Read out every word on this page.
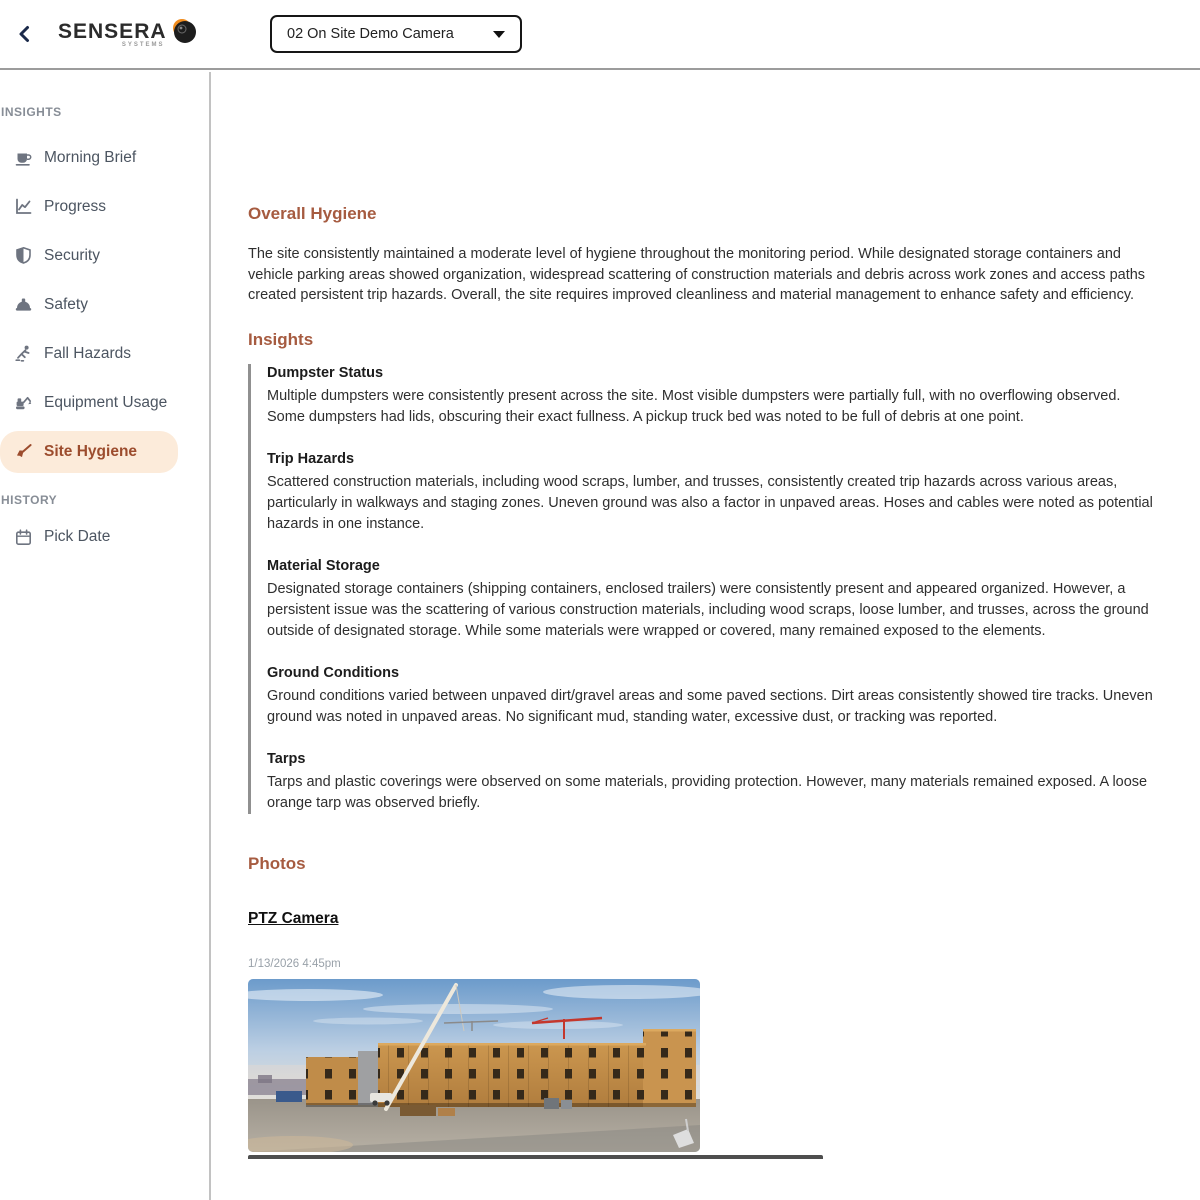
SENSERA
SYSTEMS
02 On Site Demo Camera
INSIGHTS
Morning Brief
Progress
Security
Safety
Fall Hazards
Equipment Usage
Site Hygiene
HISTORY
Pick Date
Overall Hygiene

The site consistently maintained a moderate level of hygiene throughout the monitoring period. While designated storage containers and vehicle parking areas showed organization, widespread scattering of construction materials and debris across work zones and access paths created persistent trip hazards. Overall, the site requires improved cleanliness and material management to enhance safety and efficiency.

Insights
Dumpster Status

Multiple dumpsters were consistently present across the site. Most visible dumpsters were partially full, with no overflowing observed. Some dumpsters had lids, obscuring their exact fullness. A pickup truck bed was noted to be full of debris at one point.

Trip Hazards

Scattered construction materials, including wood scraps, lumber, and trusses, consistently created trip hazards across various areas, particularly in walkways and staging zones. Uneven ground was also a factor in unpaved areas. Hoses and cables were noted as potential hazards in one instance.

Material Storage

Designated storage containers (shipping containers, enclosed trailers) were consistently present and appeared organized. However, a persistent issue was the scattering of various construction materials, including wood scraps, loose lumber, and trusses, across the ground outside of designated storage. While some materials were wrapped or covered, many remained exposed to the elements.

Ground Conditions

Ground conditions varied between unpaved dirt/gravel areas and some paved sections. Dirt areas consistently showed tire tracks. Uneven ground was noted in unpaved areas. No significant mud, standing water, excessive dust, or tracking was reported.

Tarps

Tarps and plastic coverings were observed on some materials, providing protection. However, many materials remained exposed. A loose orange tarp was observed briefly.

Photos
PTZ Camera
1/13/2026 4:45pm
